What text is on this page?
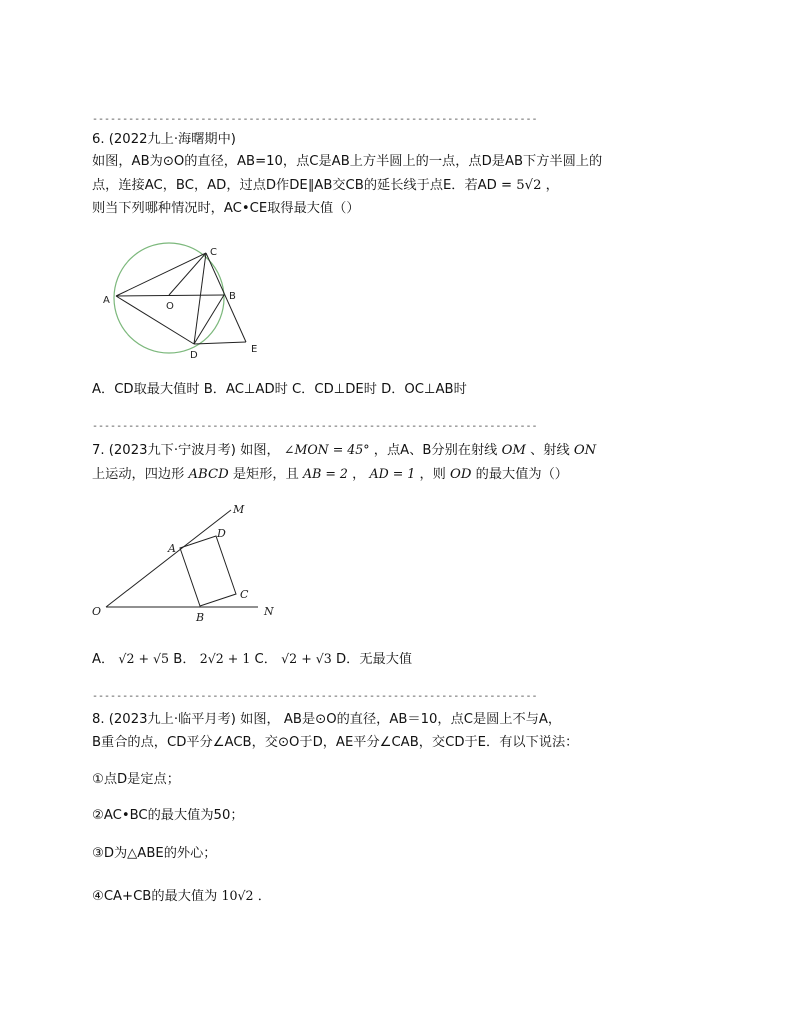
--------------------------------------------------------------------------
6. (2022九上·海曙期中)
如图，AB为⊙O的直径，AB=10，点C是AB上方半圆上的一点，点D是AB下方半圆上的
点，连接AC，BC，AD，过点D作DE∥AB交CB的延长线于点E．若AD = 5√2 ，
则当下列哪种情况时，AC•CE取得最大值（）
A
O
B
C
D
E
A．CD取最大值时 B．AC⊥AD时 C．CD⊥DE时 D．OC⊥AB时
--------------------------------------------------------------------------
7. (2023九下·宁波月考) 如图， ∠MON = 45° ，点A、B分别在射线 OM 、射线 ON
上运动，四边形 ABCD 是矩形，且 AB = 2 ， AD = 1 ，则 OD 的最大值为（）
M
D
A
C
O	B	N
A． √2 + √5 B． 2√2 + 1 C． √2 + √3 D．无最大值
--------------------------------------------------------------------------
8. (2023九上·临平月考) 如图， AB是⊙O的直径，AB＝10，点C是圆上不与A，
B重合的点，CD平分∠ACB，交⊙O于D，AE平分∠CAB，交CD于E．有以下说法：
①点D是定点；
②AC•BC的最大值为50；
③D为△ABE的外心；
④CA+CB的最大值为 10√2 ．
